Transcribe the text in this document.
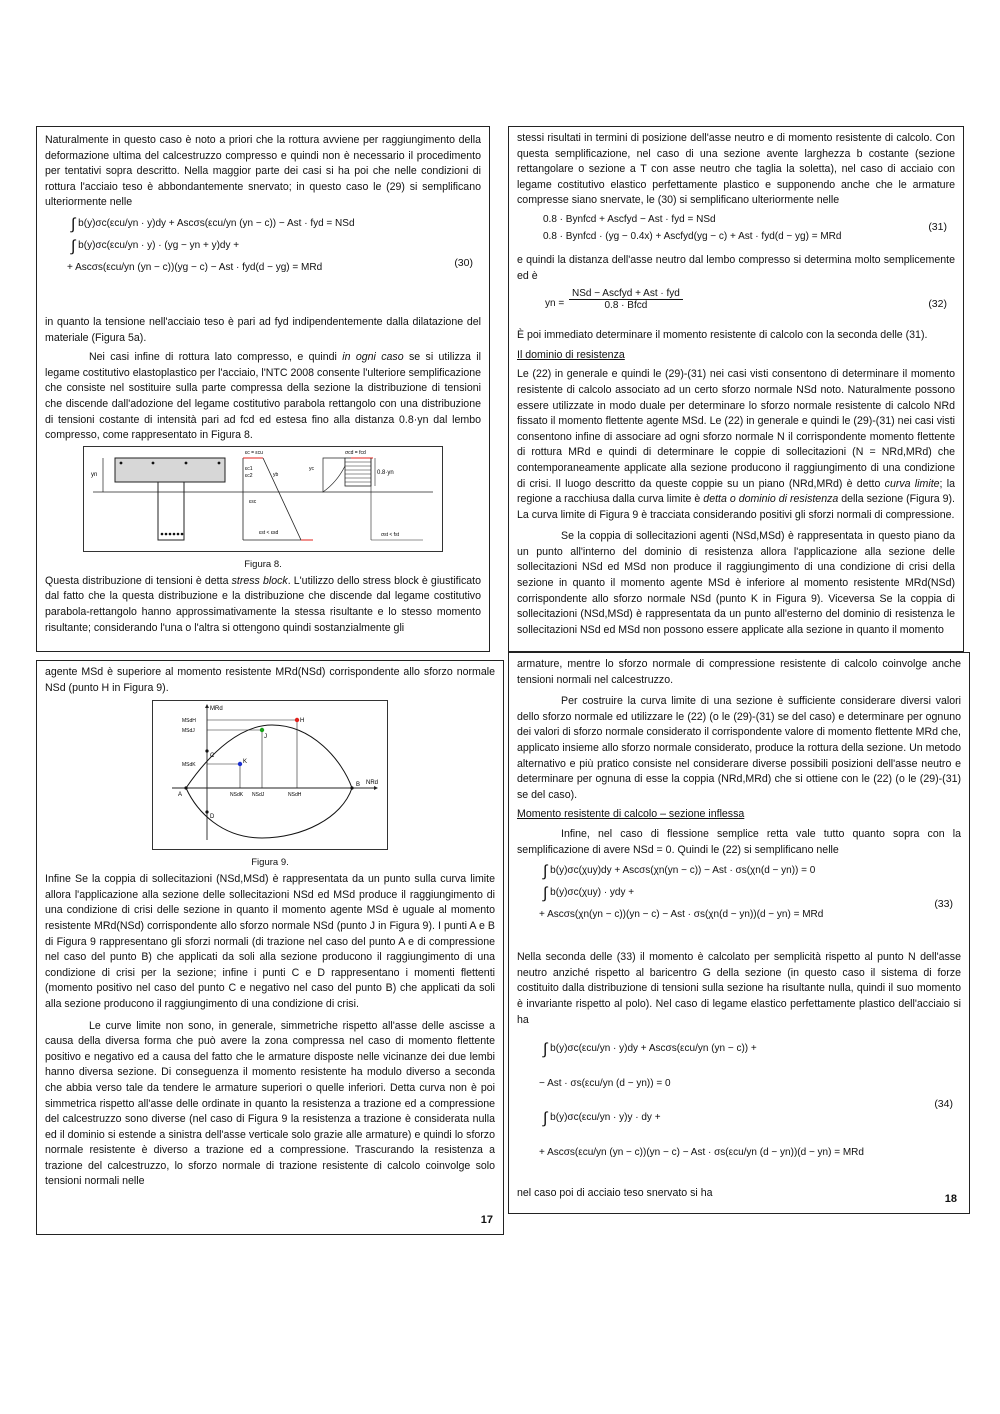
Naturalmente in questo caso è noto a priori che la rottura avviene per raggiungimento della deformazione ultima del calcestruzzo compresso e quindi non è necessario il procedimento per tentativi sopra descritto. Nella maggior parte dei casi si ha poi che nelle condizioni di rottura l'acciaio teso è abbondantemente snervato; in questo caso le (29) si semplificano ulteriormente nelle

∫ b(y)σc(εcu/yn · y)dy + Ascσs(εcu/yn (yn − c)) − Ast · fyd = NSd
∫ b(y)σc(εcu/yn · y) · (yg − yn + y)dy +
+ Ascσs(εcu/yn (yn − c))(yg − c) − Ast · fyd(d − yg) = MRd	(30)

in quanto la tensione nell'acciaio teso è pari ad fyd indipendentemente dalla dilatazione del materiale (Figura 5a).

Nei casi infine di rottura lato compresso, e quindi in ogni caso se si utilizza il legame costitutivo elastoplastico per l'acciaio, l'NTC 2008 consente l'ulteriore semplificazione che consiste nel sostituire sulla parte compressa della sezione la distribuzione di tensioni che discende dall'adozione del legame costitutivo parabola rettangolo con una distribuzione di tensioni costante di intensità pari ad fcd ed estesa fino alla distanza 0.8·yn dal lembo compresso, come rappresentato in Figura 8.

yn
εc = εcu
εc1
εc2	yb
εsc
εst < εsd
yc
σcd = fcd
0.8·yn
σst < fst

Figura 8.

Questa distribuzione di tensioni è detta stress block. L'utilizzo dello stress block è giustificato dal fatto che la questa distribuzione e la distribuzione che discende dal legame costitutivo parabola-rettangolo hanno approssimativamente la stessa risultante e lo stesso momento risultante; considerando l'una o l'altra si ottengono quindi sostanzialmente gli

stessi risultati in termini di posizione dell'asse neutro e di momento resistente di calcolo. Con questa semplificazione, nel caso di una sezione avente larghezza b costante (sezione rettangolare o sezione a T con asse neutro che taglia la soletta), nel caso di acciaio con legame costitutivo elastico perfettamente plastico e supponendo anche che le armature compresse siano snervate, le (30) si semplificano ulteriormente nelle

0.8 · Bynfcd + Ascfyd − Ast · fyd = NSd
0.8 · Bynfcd · (yg − 0.4x) + Ascfyd(yg − c) + Ast · fyd(d − yg) = MRd
(31)

e quindi la distanza dell'asse neutro dal lembo compresso si determina molto semplicemente ed è

yn =
NSd − Ascfyd + Ast · fyd
0.8 · Bfcd	(32)

È poi immediato determinare il momento resistente di calcolo con la seconda delle (31).

Il dominio di resistenza

Le (22) in generale e quindi le (29)-(31) nei casi visti consentono di determinare il momento resistente di calcolo associato ad un certo sforzo normale NSd noto. Naturalmente possono essere utilizzate in modo duale per determinare lo sforzo normale resistente di calcolo NRd fissato il momento flettente agente MSd. Le (22) in generale e quindi le (29)-(31) nei casi visti consentono infine di associare ad ogni sforzo normale N il corrispondente momento flettente di rottura MRd e quindi di determinare le coppie di sollecitazioni (N = NRd,MRd) che contemporaneamente applicate alla sezione producono il raggiungimento di una condizione di crisi. Il luogo descritto da queste coppie su un piano (NRd,MRd) è detto curva limite; la regione a racchiusa dalla curva limite è detta o dominio di resistenza della sezione (Figura 9). La curva limite di Figura 9 è tracciata considerando positivi gli sforzi normali di compressione.

Se la coppia di sollecitazioni agenti (NSd,MSd) è rappresentata in questo piano da un punto all'interno del dominio di resistenza allora l'applicazione alla sezione delle sollecitazioni NSd ed MSd non produce il raggiungimento di una condizione di crisi della sezione in quanto il momento agente MSd è inferiore al momento resistente MRd(NSd) corrispondente allo sforzo normale NSd (punto K in Figura 9). Viceversa Se la coppia di sollecitazioni (NSd,MSd) è rappresentata da un punto all'esterno del dominio di resistenza le sollecitazioni NSd ed MSd non possono essere applicate alla sezione in quanto il momento

agente MSd è superiore al momento resistente MRd(NSd) corrispondente allo sforzo normale NSd (punto H in Figura 9).

MRd
NRd
H
J
K
C
D
A
B
MSdH
MSdJ
MSdK
NSdK NSdJ	NSdH

Figura 9.

Infine Se la coppia di sollecitazioni (NSd,MSd) è rappresentata da un punto sulla curva limite allora l'applicazione alla sezione delle sollecitazioni NSd ed MSd produce il raggiungimento di una condizione di crisi delle sezione in quanto il momento agente MSd è uguale al momento resistente MRd(NSd) corrispondente allo sforzo normale NSd (punto J in Figura 9). I punti A e B di Figura 9 rappresentano gli sforzi normali (di trazione nel caso del punto A e di compressione nel caso del punto B) che applicati da soli alla sezione producono il raggiungimento di una condizione di crisi per la sezione; infine i punti C e D rappresentano i momenti flettenti (momento positivo nel caso del punto C e negativo nel caso del punto B) che applicati da soli alla sezione producono il raggiungimento di una condizione di crisi.

Le curve limite non sono, in generale, simmetriche rispetto all'asse delle ascisse a causa della diversa forma che può avere la zona compressa nel caso di momento flettente positivo e negativo ed a causa del fatto che le armature disposte nelle vicinanze dei due lembi hanno diversa sezione. Di conseguenza il momento resistente ha modulo diverso a seconda che abbia verso tale da tendere le armature superiori o quelle inferiori. Detta curva non è poi simmetrica rispetto all'asse delle ordinate in quanto la resistenza a trazione ed a compressione del calcestruzzo sono diverse (nel caso di Figura 9 la resistenza a trazione è considerata nulla ed il dominio si estende a sinistra dell'asse verticale solo grazie alle armature) e quindi lo sforzo normale resistente è diverso a trazione ed a compressione. Trascurando la resistenza a trazione del calcestruzzo, lo sforzo normale di trazione resistente di calcolo coinvolge solo tensioni normali nelle

17

armature, mentre lo sforzo normale di compressione resistente di calcolo coinvolge anche tensioni normali nel calcestruzzo.

Per costruire la curva limite di una sezione è sufficiente considerare diversi valori dello sforzo normale ed utilizzare le (22) (o le (29)-(31) se del caso) e determinare per ognuno dei valori di sforzo normale considerato il corrispondente valore di momento flettente MRd che, applicato insieme allo sforzo normale considerato, produce la rottura della sezione. Un metodo alternativo e più pratico consiste nel considerare diverse possibili posizioni dell'asse neutro e determinare per ognuna di esse la coppia (NRd,MRd) che si ottiene con le (22) (o le (29)-(31) se del caso).

Momento resistente di calcolo – sezione inflessa

Infine, nel caso di flessione semplice retta vale tutto quanto sopra con la semplificazione di avere NSd = 0. Quindi le (22) si semplificano nelle

∫ b(y)σc(χuy)dy + Ascσs(χn(yn − c)) − Ast · σs(χn(d − yn)) = 0
∫ b(y)σc(χuy) · ydy +
+ Ascσs(χn(yn − c))(yn − c) − Ast · σs(χn(d − yn))(d − yn) = MRd
(33)

Nella seconda delle (33) il momento è calcolato per semplicità rispetto al punto N dell'asse neutro anziché rispetto al baricentro G della sezione (in questo caso il sistema di forze costituito dalla distribuzione di tensioni sulla sezione ha risultante nulla, quindi il suo momento è invariante rispetto al polo). Nel caso di legame elastico perfettamente plastico dell'acciaio si ha

∫ b(y)σc(εcu/yn · y)dy + Ascσs(εcu/yn (yn − c)) +
− Ast · σs(εcu/yn (d − yn)) = 0
∫ b(y)σc(εcu/yn · y)y · dy +
+ Ascσs(εcu/yn (yn − c))(yn − c) − Ast · σs(εcu/yn (d − yn))(d − yn) = MRd
(34)

nel caso poi di acciaio teso snervato si ha	18
